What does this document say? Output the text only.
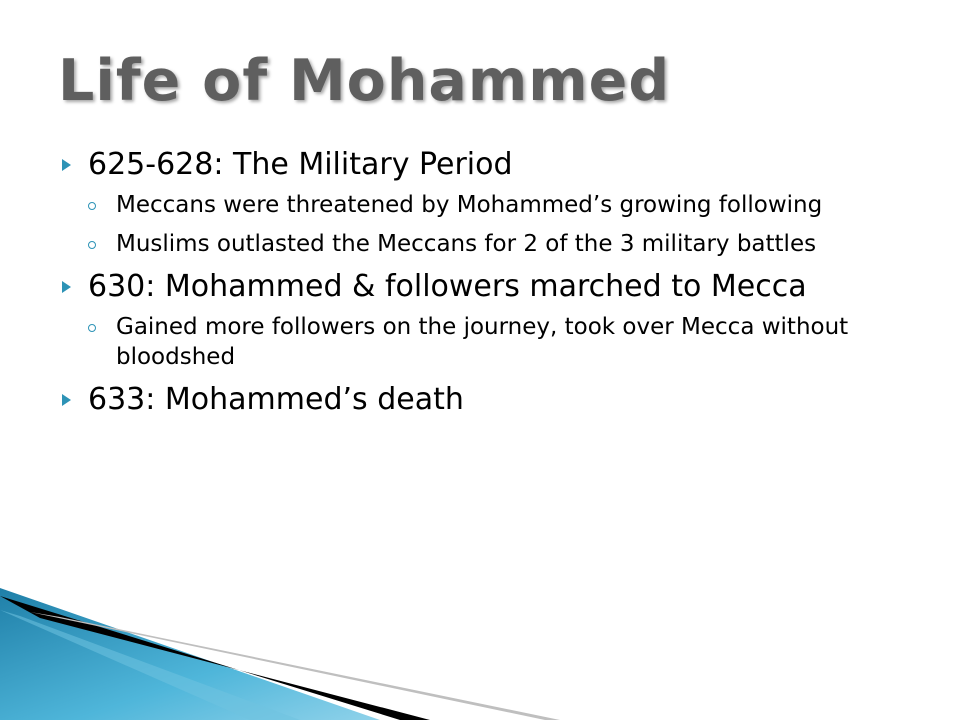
Life of Mohammed
625-628: The Military Period
Meccans were threatened by Mohammed’s growing following
Muslims outlasted the Meccans for 2 of the 3 military battles
630: Mohammed & followers marched to Mecca
Gained more followers on the journey, took over Mecca without bloodshed
633: Mohammed’s death
